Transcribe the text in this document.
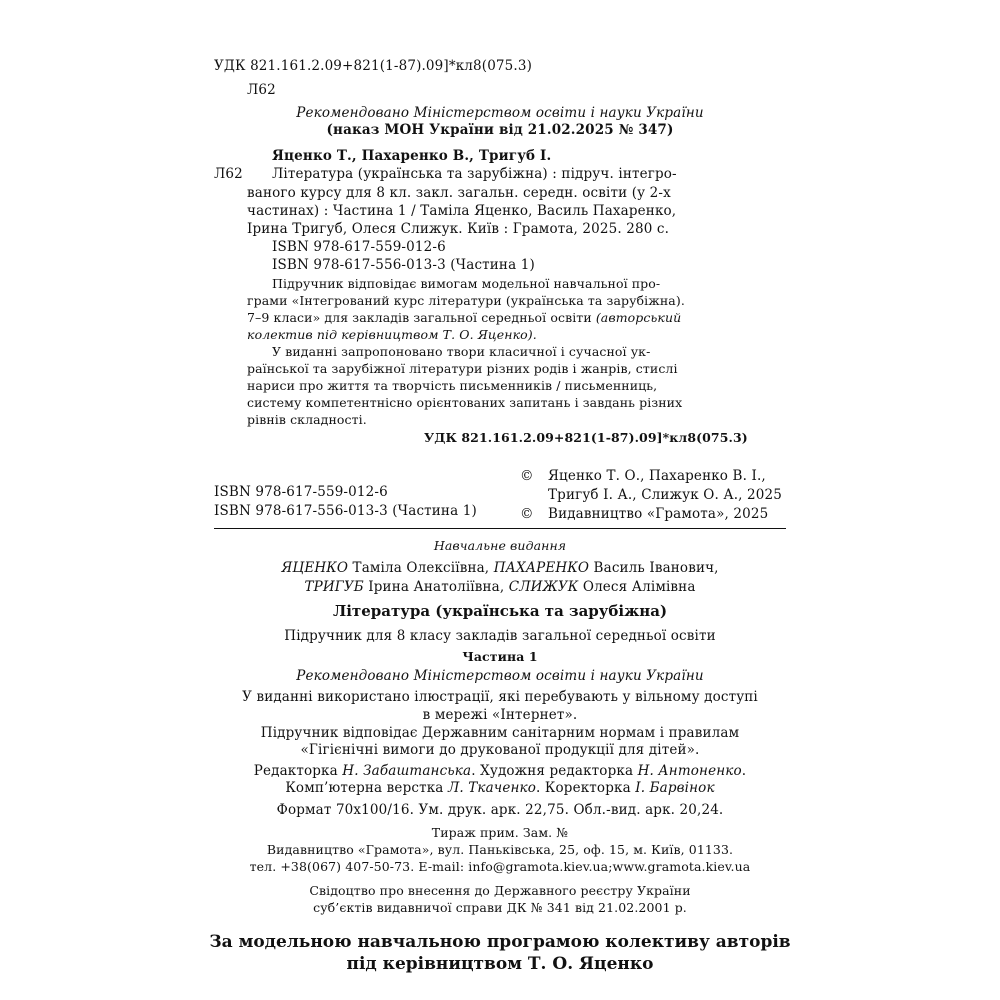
УДК 821.161.2.09+821(1-87).09]*кл8(075.3)
Л62
Рекомендовано Міністерством освіти і науки України
(наказ МОН України від 21.02.2025 № 347)
Яценко Т., Пахаренко В., Тригуб І.
Л62 Література (українська та зарубіжна) : підруч. інтегро-
ваного курсу для 8 кл. закл. загальн. середн. освіти (у 2-х
частинах) : Частина 1 / Таміла Яценко, Василь Пахаренко,
Ірина Тригуб, Олеся Слижук. Київ : Грамота, 2025. 280 с.
ISBN 978-617-559-012-6
ISBN 978-617-556-013-3 (Частина 1)
Підручник відповідає вимогам модельної навчальної про-
грами «Інтегрований курс літератури (українська та зарубіжна).
7–9 класи» для закладів загальної середньої освіти (авторський
колектив під керівництвом Т. О. Яценко).
У виданні запропоновано твори класичної і сучасної ук-
раїнської та зарубіжної літератури різних родів і жанрів, стислі
нариси про життя та творчість письменників / письменниць,
систему компетентнісно орієнтованих запитань і завдань різних
рівнів складності.
УДК 821.161.2.09+821(1-87).09]*кл8(075.3)
© Яценко Т. О., Пахаренко В. І.,
ISBN 978-617-559-012-6	Тригуб І. А., Слижук О. А., 2025
ISBN 978-617-556-013-3 (Частина 1)	© Видавництво «Грамота», 2025
Навчальне видання
ЯЦЕНКО Таміла Олексіївна, ПАХАРЕНКО Василь Іванович,
ТРИГУБ Ірина Анатоліївна, СЛИЖУК Олеся Алімівна
Література (українська та зарубіжна)
Підручник для 8 класу закладів загальної середньої освіти
Частина 1
Рекомендовано Міністерством освіти і науки України
У виданні використано ілюстрації, які перебувають у вільному доступі
в мережі «Інтернет».
Підручник відповідає Державним санітарним нормам і правилам
«Гігієнічні вимоги до друкованої продукції для дітей».
Редакторка Н. Забаштанська. Художня редакторка Н. Антоненко.
Комп’ютерна верстка Л. Ткаченко. Коректорка І. Барвінок
Формат 70x100/16. Ум. друк. арк. 22,75. Обл.-вид. арк. 20,24.
Тираж прим. Зам. №
Видавництво «Грамота», вул. Паньківська, 25, оф. 15, м. Київ, 01133.
тел. +38(067) 407-50-73. E-mail: info@gramota.kiev.ua;www.gramota.kiev.ua
Свідоцтво про внесення до Державного реєстру України
суб’єктів видавничої справи ДК № 341 від 21.02.2001 р.
За модельною навчальною програмою колективу авторів
під керівництвом Т. О. Яценко
